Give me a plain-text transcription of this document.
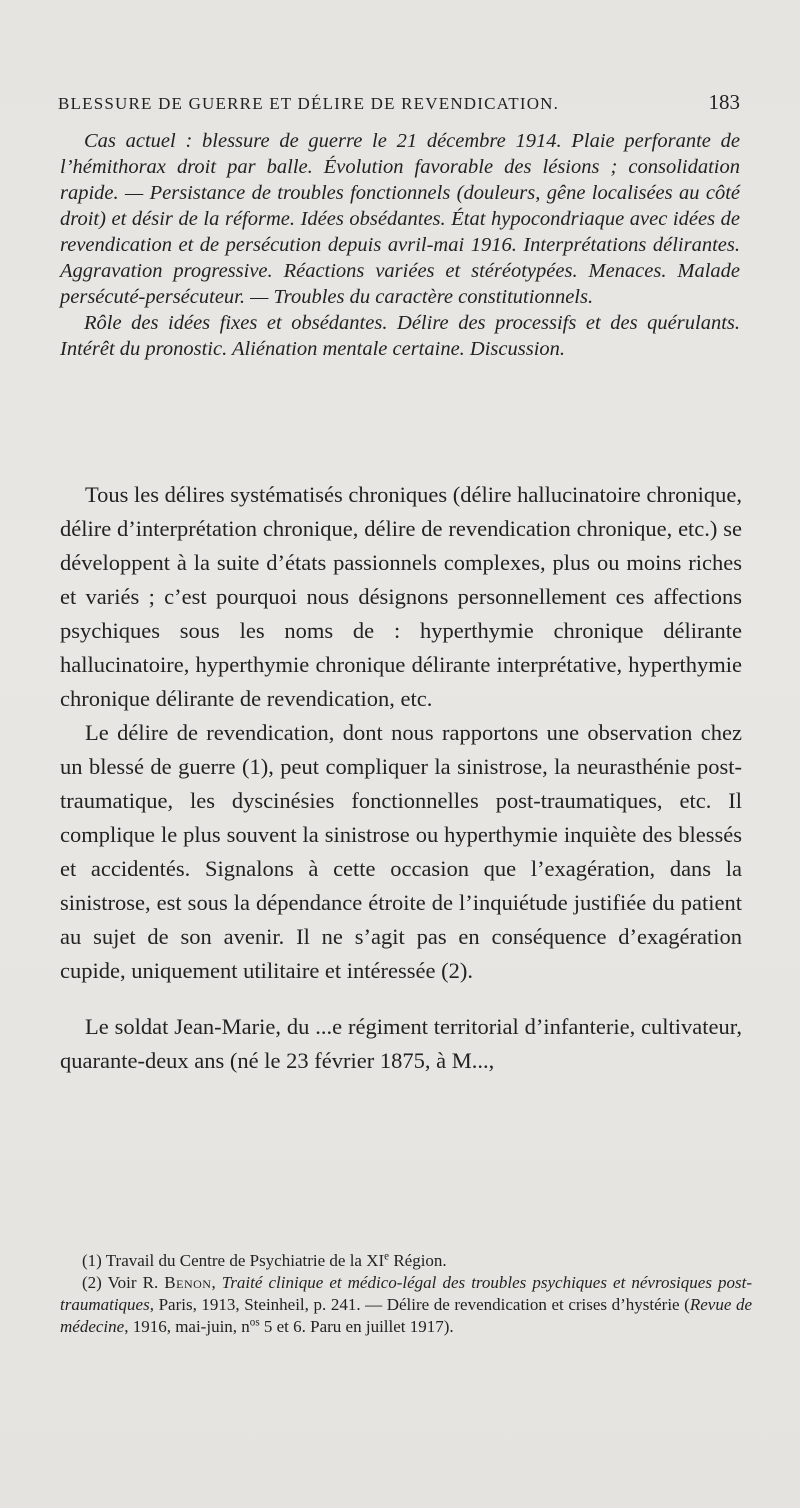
BLESSURE DE GUERRE ET DÉLIRE DE REVENDICATION.	183

Cas actuel : blessure de guerre le 21 décembre 1914. Plaie perforante de l’hémithorax droit par balle. Évolution favorable des lésions ; consolidation rapide. — Persistance de troubles fonctionnels (douleurs, gêne localisées au côté droit) et désir de la réforme. Idées obsédantes. État hypocondriaque avec idées de revendication et de persécution depuis avril-mai 1916. Interprétations délirantes. Aggravation progressive. Réactions variées et stéréotypées. Menaces. Malade persécuté-persécuteur. — Troubles du caractère constitutionnels.

Rôle des idées fixes et obsédantes. Délire des processifs et des quérulants. Intérêt du pronostic. Aliénation mentale certaine. Discussion.

Tous les délires systématisés chroniques (délire hallucinatoire chronique, délire d’interprétation chronique, délire de revendication chronique, etc.) se développent à la suite d’états passionnels complexes, plus ou moins riches et variés ; c’est pourquoi nous désignons personnellement ces affections psychiques sous les noms de : hyperthymie chronique délirante hallucinatoire, hyperthymie chronique délirante interprétative, hyperthymie chronique délirante de revendication, etc.

Le délire de revendication, dont nous rapportons une observation chez un blessé de guerre (1), peut compliquer la sinistrose, la neurasthénie post-traumatique, les dyscinésies fonctionnelles post-traumatiques, etc. Il complique le plus souvent la sinistrose ou hyperthymie inquiète des blessés et accidentés. Signalons à cette occasion que l’exagération, dans la sinistrose, est sous la dépendance étroite de l’inquiétude justifiée du patient au sujet de son avenir. Il ne s’agit pas en conséquence d’exagération cupide, uniquement utilitaire et intéressée (2).

Le soldat Jean-Marie, du ...e régiment territorial d’infanterie, cultivateur, quarante-deux ans (né le 23 février 1875, à M...,

(1) Travail du Centre de Psychiatrie de la XIe Région.

(2) Voir R. Benon, Traité clinique et médico-légal des troubles psychiques et névrosiques post-traumatiques, Paris, 1913, Steinheil, p. 241. — Délire de revendication et crises d’hystérie (Revue de médecine, 1916, mai-juin, $n^{os}$ 5 et 6. Paru en juillet 1917).
